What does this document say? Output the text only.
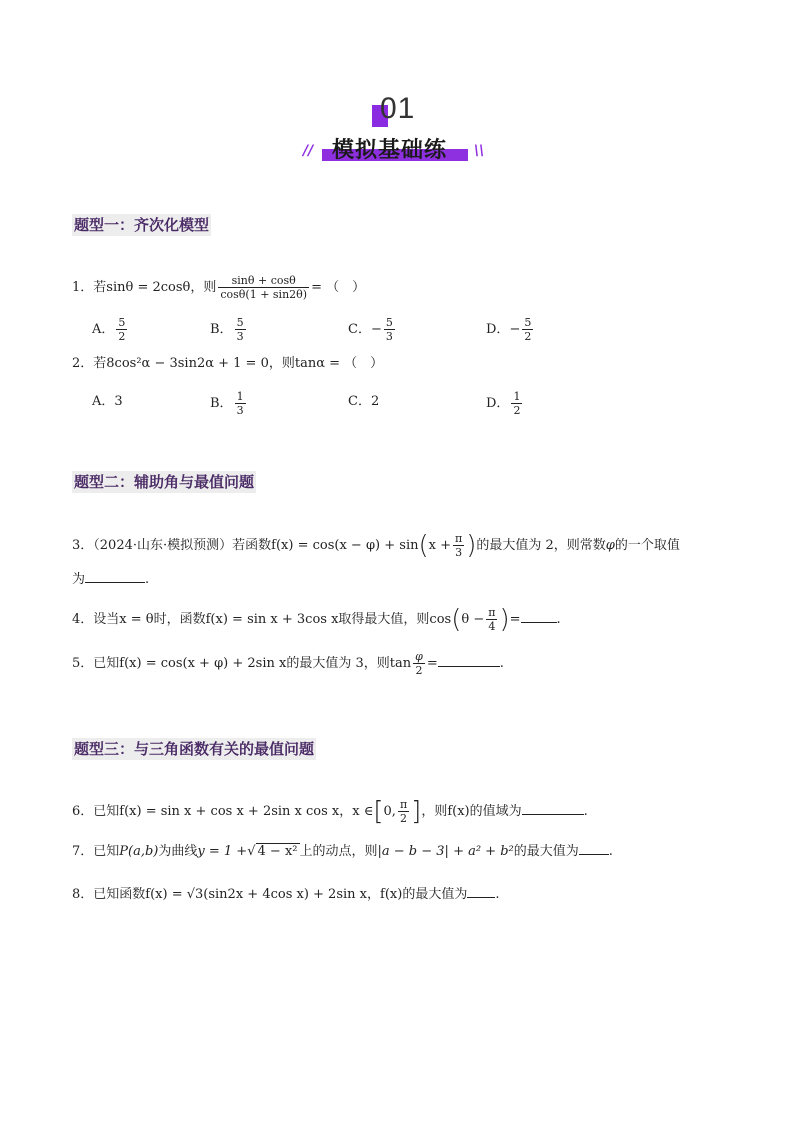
01
// 模拟基础练 \\
题型一：齐次化模型
1．若sinθ = 2cosθ，则 $\frac{\sin\theta + \cos\theta}{\cos\theta(1 + \sin 2\theta)}$ = （　）
A． $\frac{5}{2}$	B． $\frac{5}{3}$	C．− $\frac{5}{3}$	D．− $\frac{5}{2}$
2．若8cos²α − 3sin2α + 1 = 0，则tanα = （　）
A．3	B． $\frac{1}{3}$	C．2	D． $\frac{1}{2}$
题型二：辅助角与最值问题
3．（2024·山东·模拟预测）若函数$f(x) = \cos(x - \varphi) + \sin(x + \frac{\pi}{3}$ )的最大值为 2，则常数φ的一个取值
为	.
4．设当x = θ时，函数f(x) = sin x + 3cos x取得最大值，则$\cos(\theta - \frac{\pi}{4}$ )=	.
5．已知f(x) = cos(x + φ) + 2sin x的最大值为 3，则$\tan \frac{\varphi}{2}$ =	.
题型三：与三角函数有关的最值问题
6．已知f(x) = sin x + cos x + 2sin x cos x，x ∈[0, $\frac{\pi}{2}$ ]，则f(x)的值域为	.
7．已知P(a,b)为曲线y = 1 +√ 4 − x² 上的动点，则|a − b − 3| + a² + b²的最大值为 .
8．已知函数f(x) = √3(sin2x + 4cos x) + 2sin x，f(x)的最大值为 .
